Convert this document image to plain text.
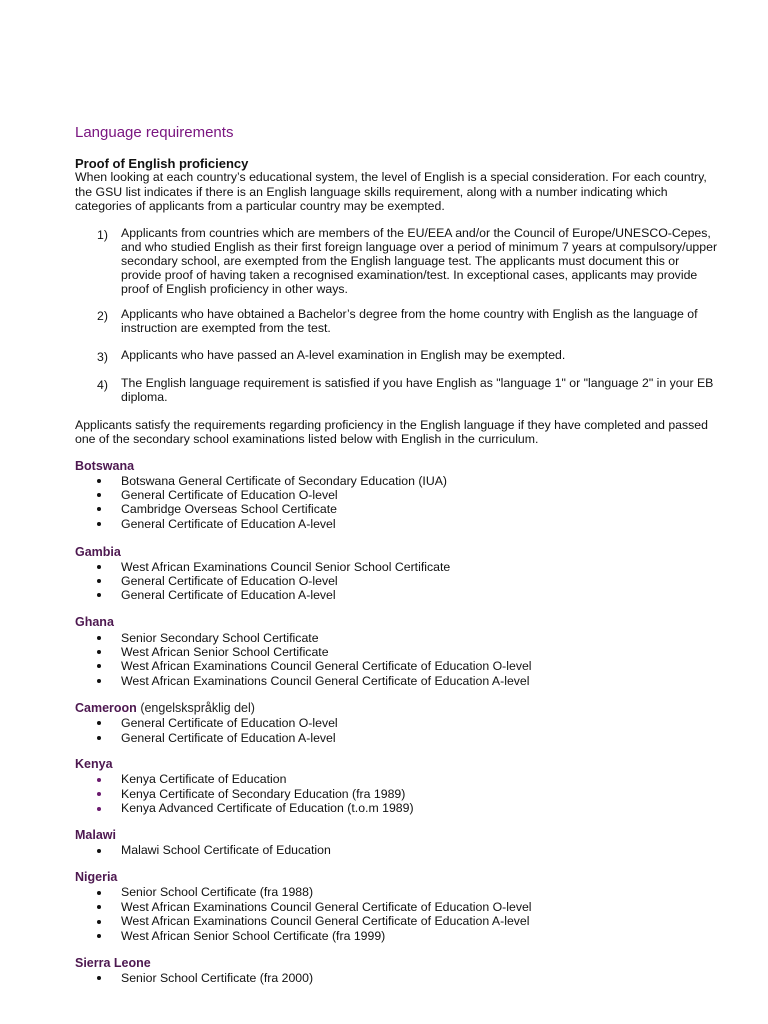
Language requirements
Proof of English proficiency
When looking at each country’s educational system, the level of English is a special consideration. For each country, the GSU list indicates if there is an English language skills requirement, along with a number indicating which categories of applicants from a particular country may be exempted.
1) Applicants from countries which are members of the EU/EEA and/or the Council of Europe/UNESCO-Cepes, and who studied English as their first foreign language over a period of minimum 7 years at compulsory/upper secondary school, are exempted from the English language test. The applicants must document this or provide proof of having taken a recognised examination/test. In exceptional cases, applicants may provide proof of English proficiency in other ways.
2) Applicants who have obtained a Bachelor’s degree from the home country with English as the language of instruction are exempted from the test.
3) Applicants who have passed an A-level examination in English may be exempted.
4) The English language requirement is satisfied if you have English as "language 1" or "language 2" in your EB diploma.
Applicants satisfy the requirements regarding proficiency in the English language if they have completed and passed one of the secondary school examinations listed below with English in the curriculum.
Botswana
Botswana General Certificate of Secondary Education (IUA)
General Certificate of Education O-level
Cambridge Overseas School Certificate
General Certificate of Education A-level
Gambia
West African Examinations Council Senior School Certificate
General Certificate of Education O-level
General Certificate of Education A-level
Ghana
Senior Secondary School Certificate
West African Senior School Certificate
West African Examinations Council General Certificate of Education O-level
West African Examinations Council General Certificate of Education A-level
Cameroon (engelskspråklig del)
General Certificate of Education O-level
General Certificate of Education A-level
Kenya
Kenya Certificate of Education
Kenya Certificate of Secondary Education (fra 1989)
Kenya Advanced Certificate of Education (t.o.m 1989)
Malawi
Malawi School Certificate of Education
Nigeria
Senior School Certificate (fra 1988)
West African Examinations Council General Certificate of Education O-level
West African Examinations Council General Certificate of Education A-level
West African Senior School Certificate (fra 1999)
Sierra Leone
Senior School Certificate (fra 2000)
